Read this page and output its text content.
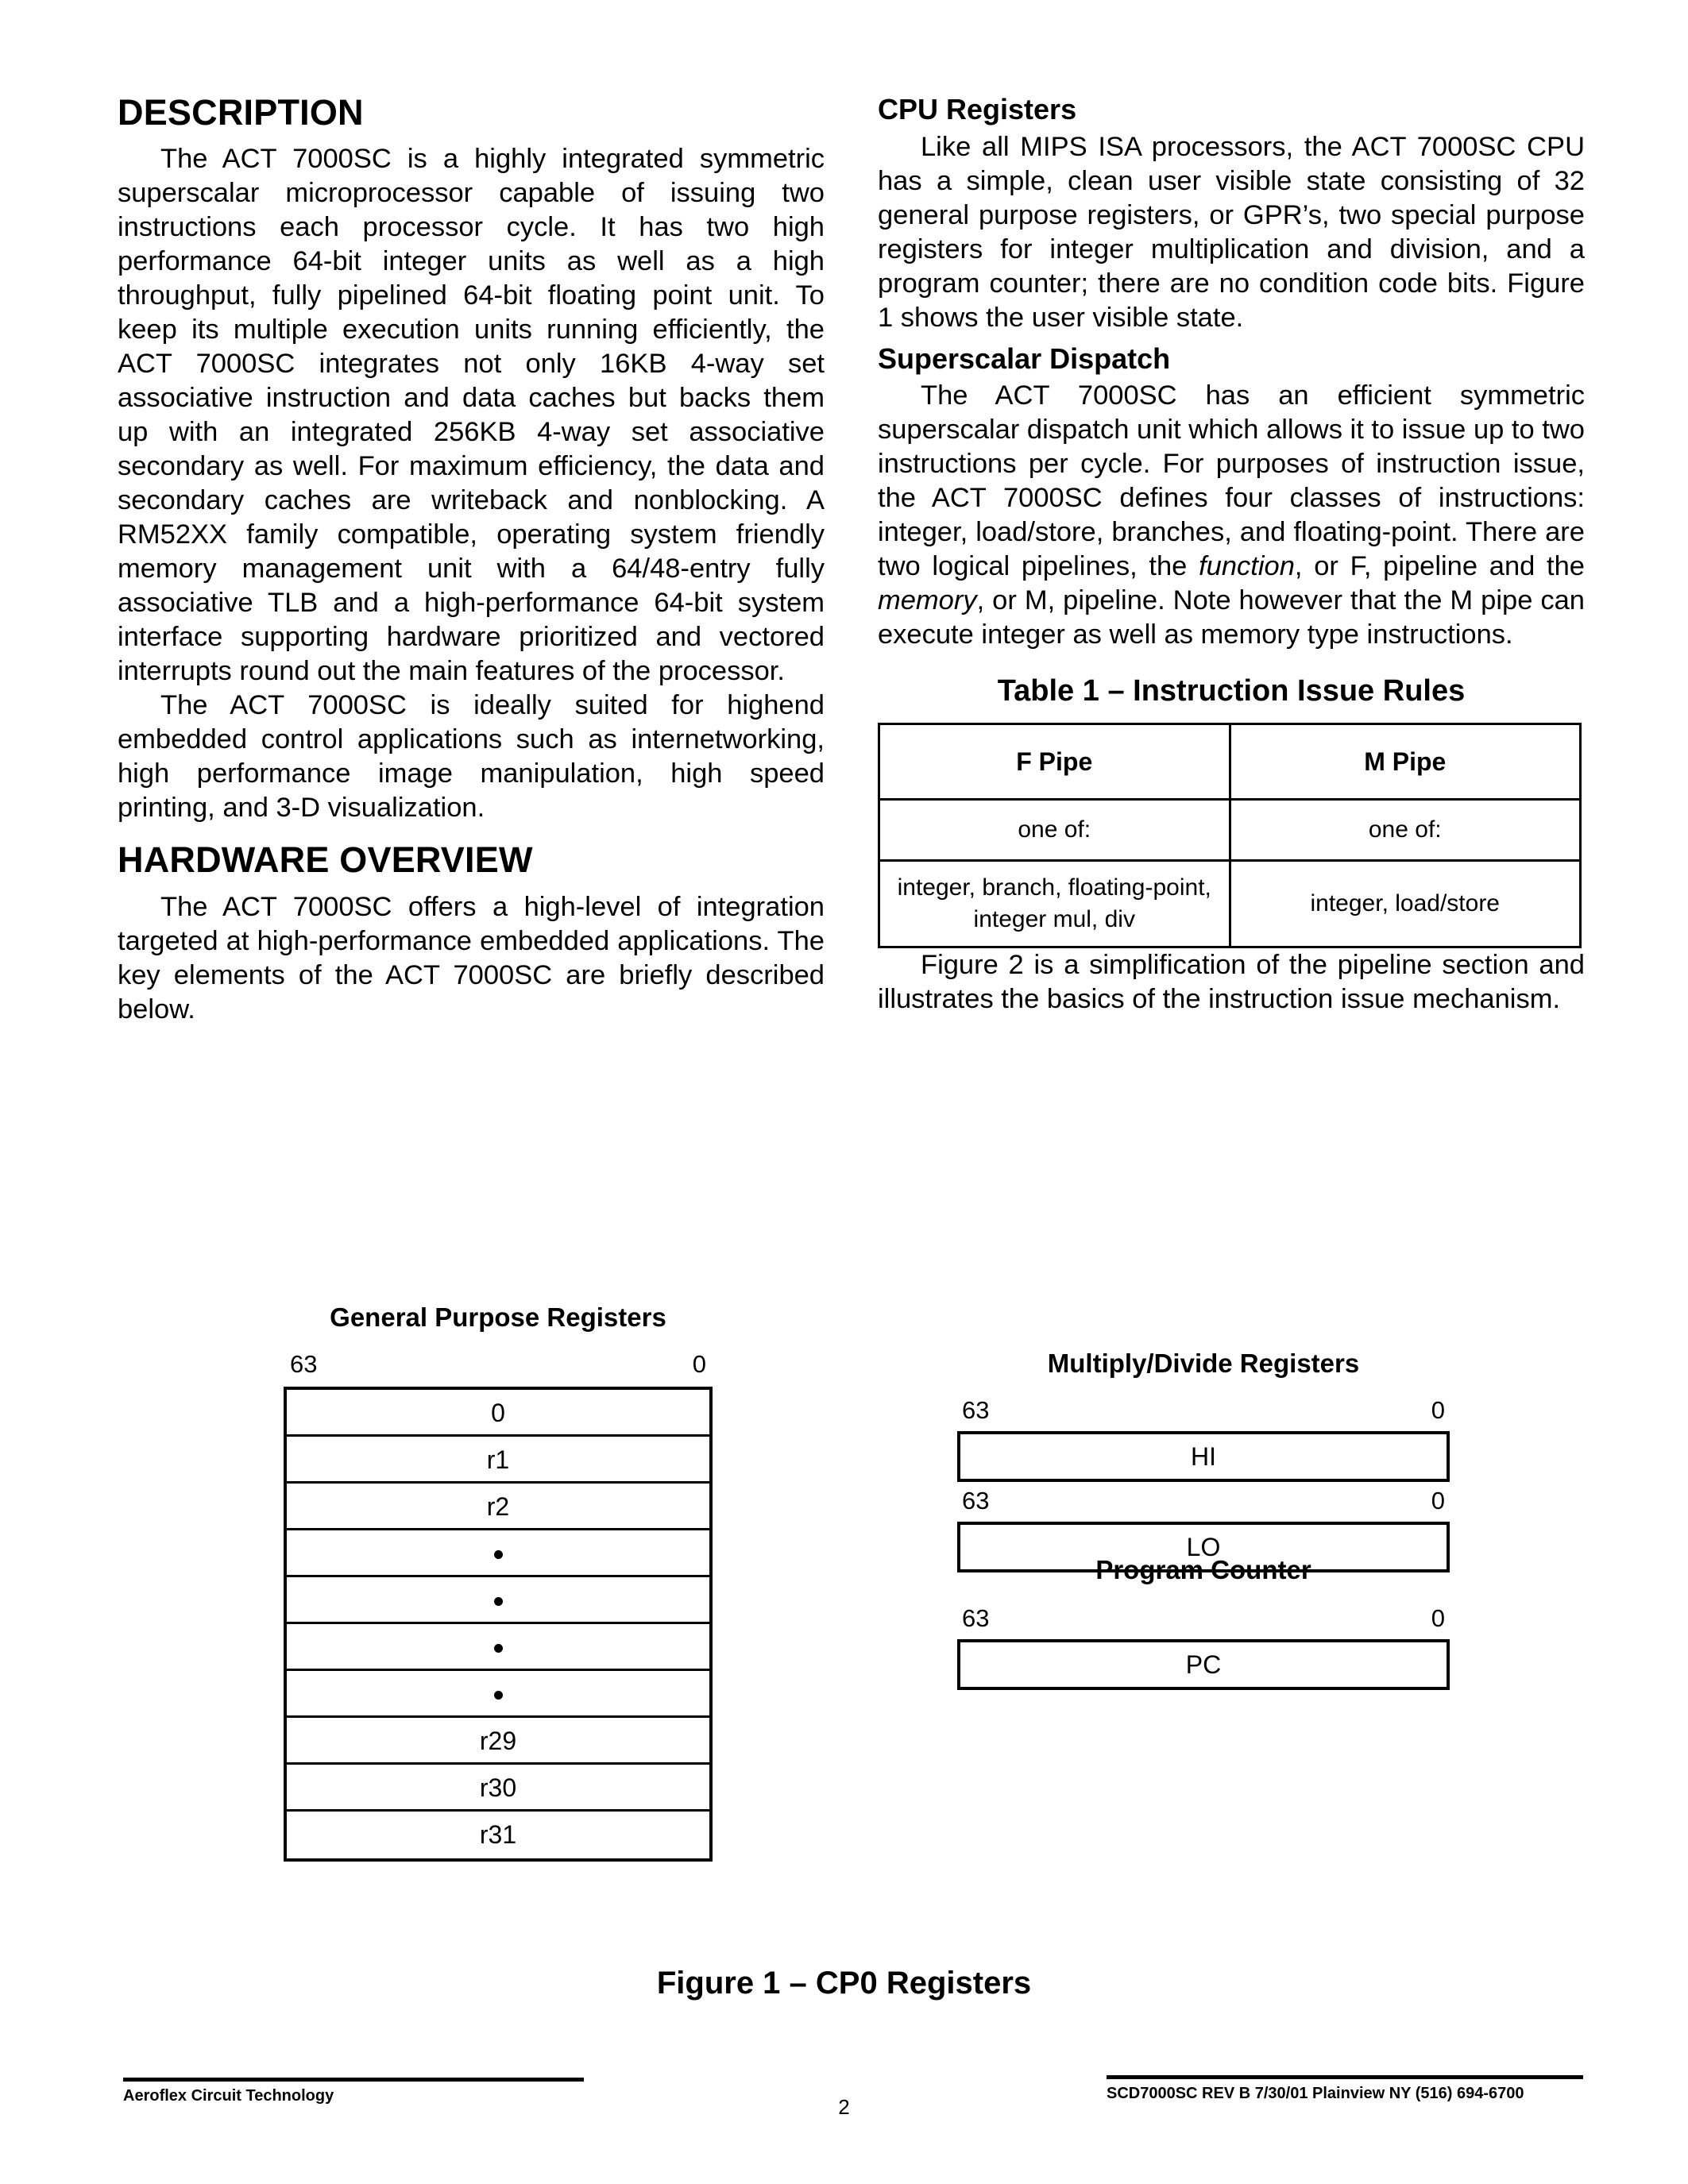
DESCRIPTION

The ACT 7000SC is a highly integrated symmetric superscalar microprocessor capable of issuing two instructions each processor cycle. It has two high performance 64-bit integer units as well as a high throughput, fully pipelined 64-bit floating point unit. To keep its multiple execution units running efficiently, the ACT 7000SC integrates not only 16KB 4-way set associative instruction and data caches but backs them up with an integrated 256KB 4-way set associative secondary as well. For maximum efficiency, the data and secondary caches are writeback and nonblocking. A RM52XX family compatible, operating system friendly memory management unit with a 64/48-entry fully associative TLB and a high-performance 64-bit system interface supporting hardware prioritized and vectored interrupts round out the main features of the processor.

The ACT 7000SC is ideally suited for highend embedded control applications such as internetworking, high performance image manipulation, high speed printing, and 3-D visualization.

HARDWARE OVERVIEW

The ACT 7000SC offers a high-level of integration targeted at high-performance embedded applications. The key elements of the ACT 7000SC are briefly described below.

CPU Registers

Like all MIPS ISA processors, the ACT 7000SC CPU has a simple, clean user visible state consisting of 32 general purpose registers, or GPR’s, two special purpose registers for integer multiplication and division, and a program counter; there are no condition code bits. Figure 1 shows the user visible state.

Superscalar Dispatch

The ACT 7000SC has an efficient symmetric superscalar dispatch unit which allows it to issue up to two instructions per cycle. For purposes of instruction issue, the ACT 7000SC defines four classes of instructions: integer, load/store, branches, and floating-point. There are two logical pipelines, the function, or F, pipeline and the memory, or M, pipeline. Note however that the M pipe can execute integer as well as memory type instructions.

Table 1 – Instruction Issue Rules
F Pipe	M Pipe
one of:	one of:
integer, branch, floating-point, integer mul, div	integer, load/store

Figure 2 is a simplification of the pipeline section and illustrates the basics of the instruction issue mechanism.

General Purpose Registers
63	0
0
r1
r2
r29
r30
r31
Multiply/Divide Registers
63	0
HI
63	0
LO
Program Counter
63	0
PC
Figure 1 – CP0 Registers
Aeroflex Circuit Technology	2
SCD7000SC REV B 7/30/01 Plainview NY (516) 694-6700
